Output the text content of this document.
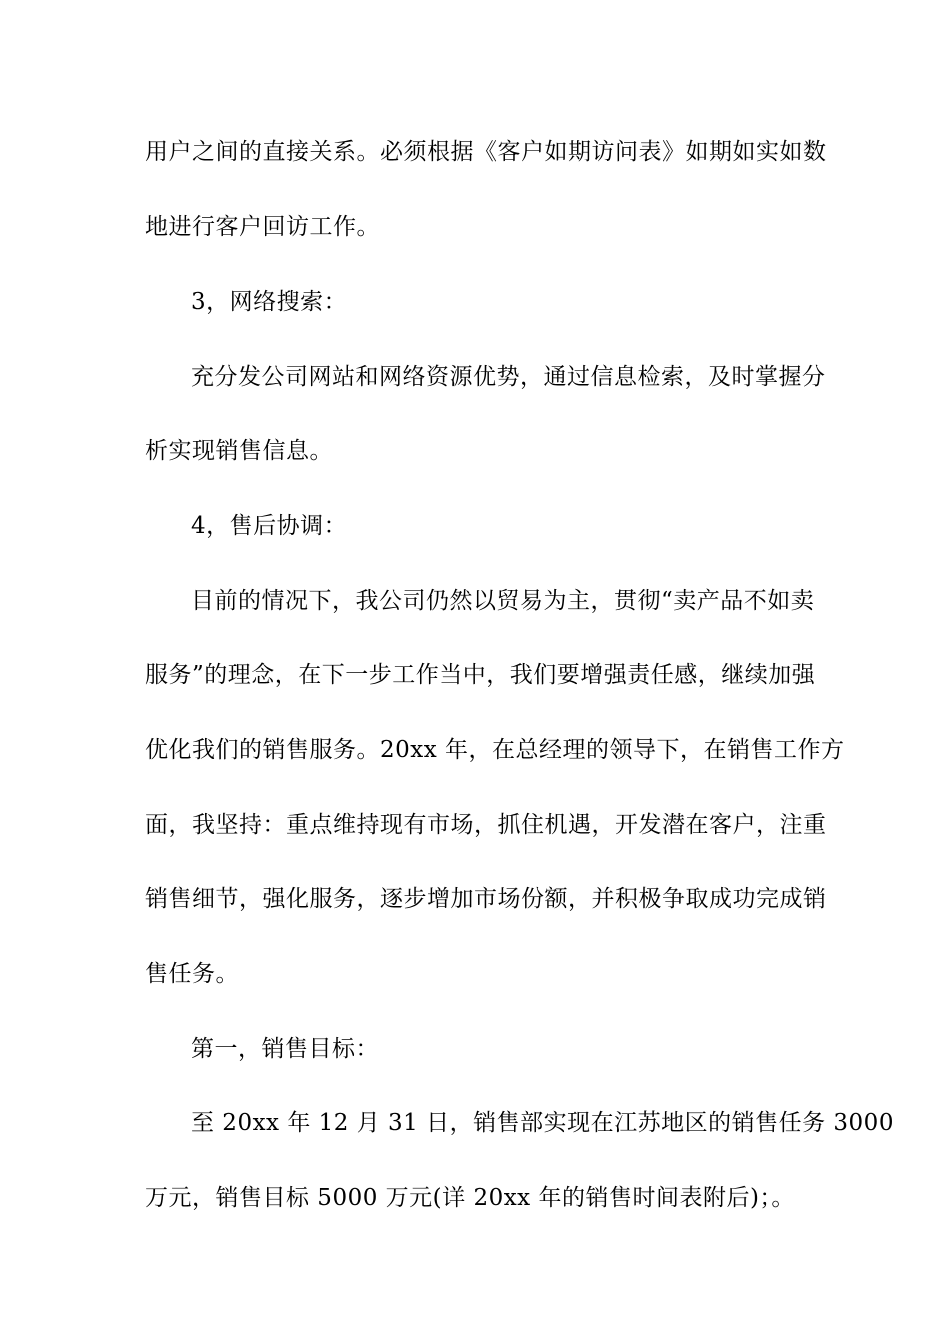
用户之间的直接关系。必须根据《客户如期访问表》如期如实如数
地进行客户回访工作。
3，网络搜索：
充分发公司网站和网络资源优势，通过信息检索，及时掌握分
析实现销售信息。
4，售后协调：
目前的情况下，我公司仍然以贸易为主，贯彻“卖产品不如卖
服务”的理念，在下一步工作当中，我们要增强责任感，继续加强
优化我们的销售服务。20xx 年，在总经理的领导下，在销售工作方
面，我坚持：重点维持现有市场，抓住机遇，开发潜在客户，注重
销售细节，强化服务，逐步增加市场份额，并积极争取成功完成销
售任务。
第一，销售目标：
至 20xx 年 12 月 31 日，销售部实现在江苏地区的销售任务 3000
万元，销售目标 5000 万元(详 20xx 年的销售时间表附后)；。
